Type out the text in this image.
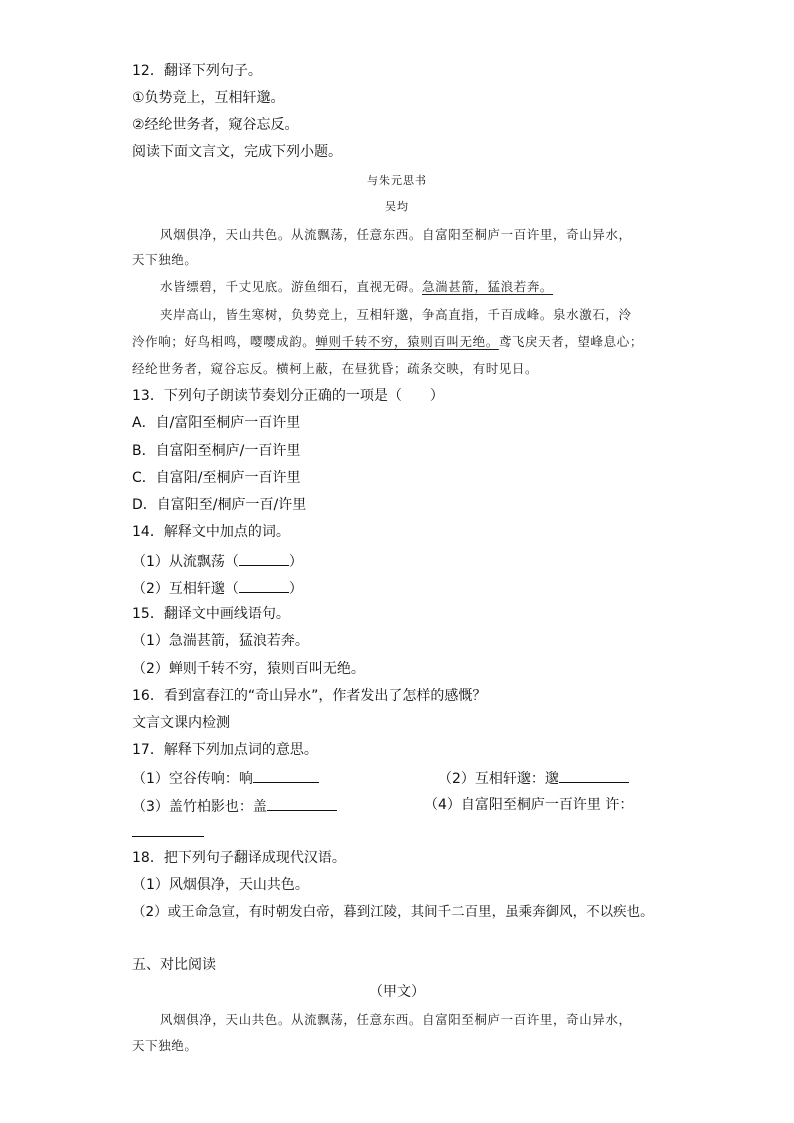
12．翻译下列句子。
①负势竞上，互相轩邈。
②经纶世务者，窥谷忘反。
阅读下面文言文，完成下列小题。
与朱元思书
吴均
风烟俱净，天山共色。从流飘荡，任意东西。自富阳至桐庐一百许里，奇山异水，
天下独绝。
水皆缥碧，千丈见底。游鱼细石，直视无碍。急湍甚箭，猛浪若奔。
夹岸高山，皆生寒树，负势竞上，互相轩邈，争高直指，千百成峰。泉水激石，泠
泠作响；好鸟相鸣，嘤嘤成韵。蝉则千转不穷，猿则百叫无绝。鸢飞戾天者，望峰息心；
经纶世务者，窥谷忘反。横柯上蔽，在昼犹昏；疏条交映，有时见日。
13．下列句子朗读节奏划分正确的一项是（　　）
A．自/富阳至桐庐一百许里
B．自富阳至桐庐/一百许里
C．自富阳/至桐庐一百许里
D．自富阳至/桐庐一百/许里
14．解释文中加点的词。
（1）从流飘荡（	）
（2）互相轩邈（	）
15．翻译文中画线语句。
（1）急湍甚箭，猛浪若奔。
（2）蝉则千转不穷，猿则百叫无绝。
16．看到富春江的“奇山异水”，作者发出了怎样的感慨？
文言文课内检测
17．解释下列加点词的意思。
（1）空谷传响：响	（2）互相轩邈：邈
（3）盖竹柏影也：盖	（4）自富阳至桐庐一百许里 许：
18．把下列句子翻译成现代汉语。
（1）风烟俱净，天山共色。
（2）或王命急宣，有时朝发白帝，暮到江陵，其间千二百里，虽乘奔御风，不以疾也。
五、对比阅读
（甲文）
风烟俱净，天山共色。从流飘荡，任意东西。自富阳至桐庐一百许里，奇山异水，
天下独绝。
